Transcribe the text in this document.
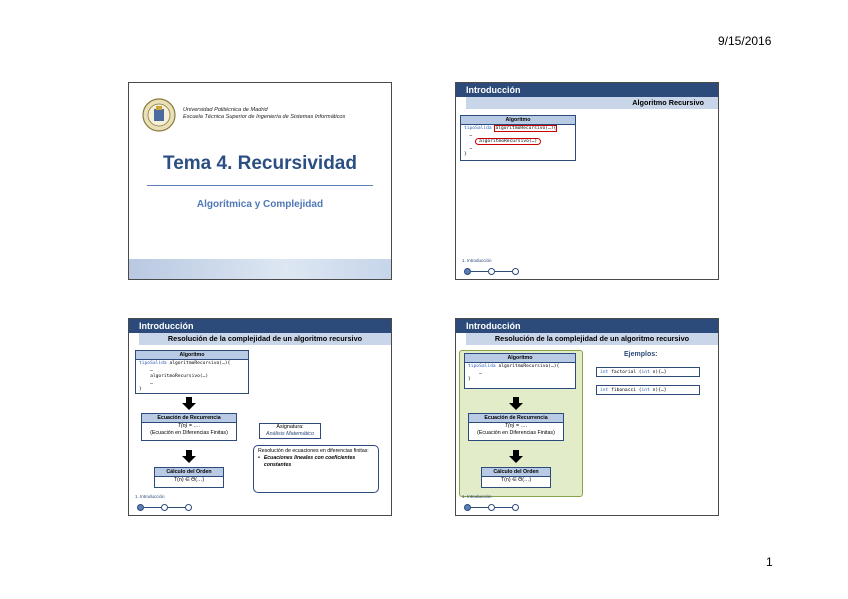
9/15/2016
1
Universidad Politécnica de Madrid
Escuela Técnica Superior de Ingeniería de Sistemas Informáticos
Tema 4. Recursividad
Algorítmica y Complejidad
Introducción
Algoritmo Recursivo
Algoritmo
tipoSalida algoritmoRecursivo(…){
…
algoritmoRecursivo(…)
…
}
1. Introducción
Introducción
Resolución de la complejidad de un algoritmo recursivo
Algoritmo
tipoSalida algoritmoRecursivo(…){
…
algoritmoRecursivo(…)
…
}
Ecuación de Recurrencia
T(n) = ….
(Ecuación en Diferencias Finitas)
Cálculo del Orden
T(n) ∈ Θ(…)
Asignatura:
Análisis Matemático
Resolución de ecuaciones en diferencias finitas:
• Ecuaciones lineales con coeficientes constantes
1. Introducción
Introducción
Resolución de la complejidad de un algoritmo recursivo
Algoritmo
tipoSalida algoritmoRecursivo(…){
…
}
Ecuación de Recurrencia
T(n) = ….
(Ecuación en Diferencias Finitas)
Cálculo del Orden
T(n) ∈ Θ(…)
Ejemplos:
int factorial (int n){…}
int fibonacci (int n){…}
1. Introducción
